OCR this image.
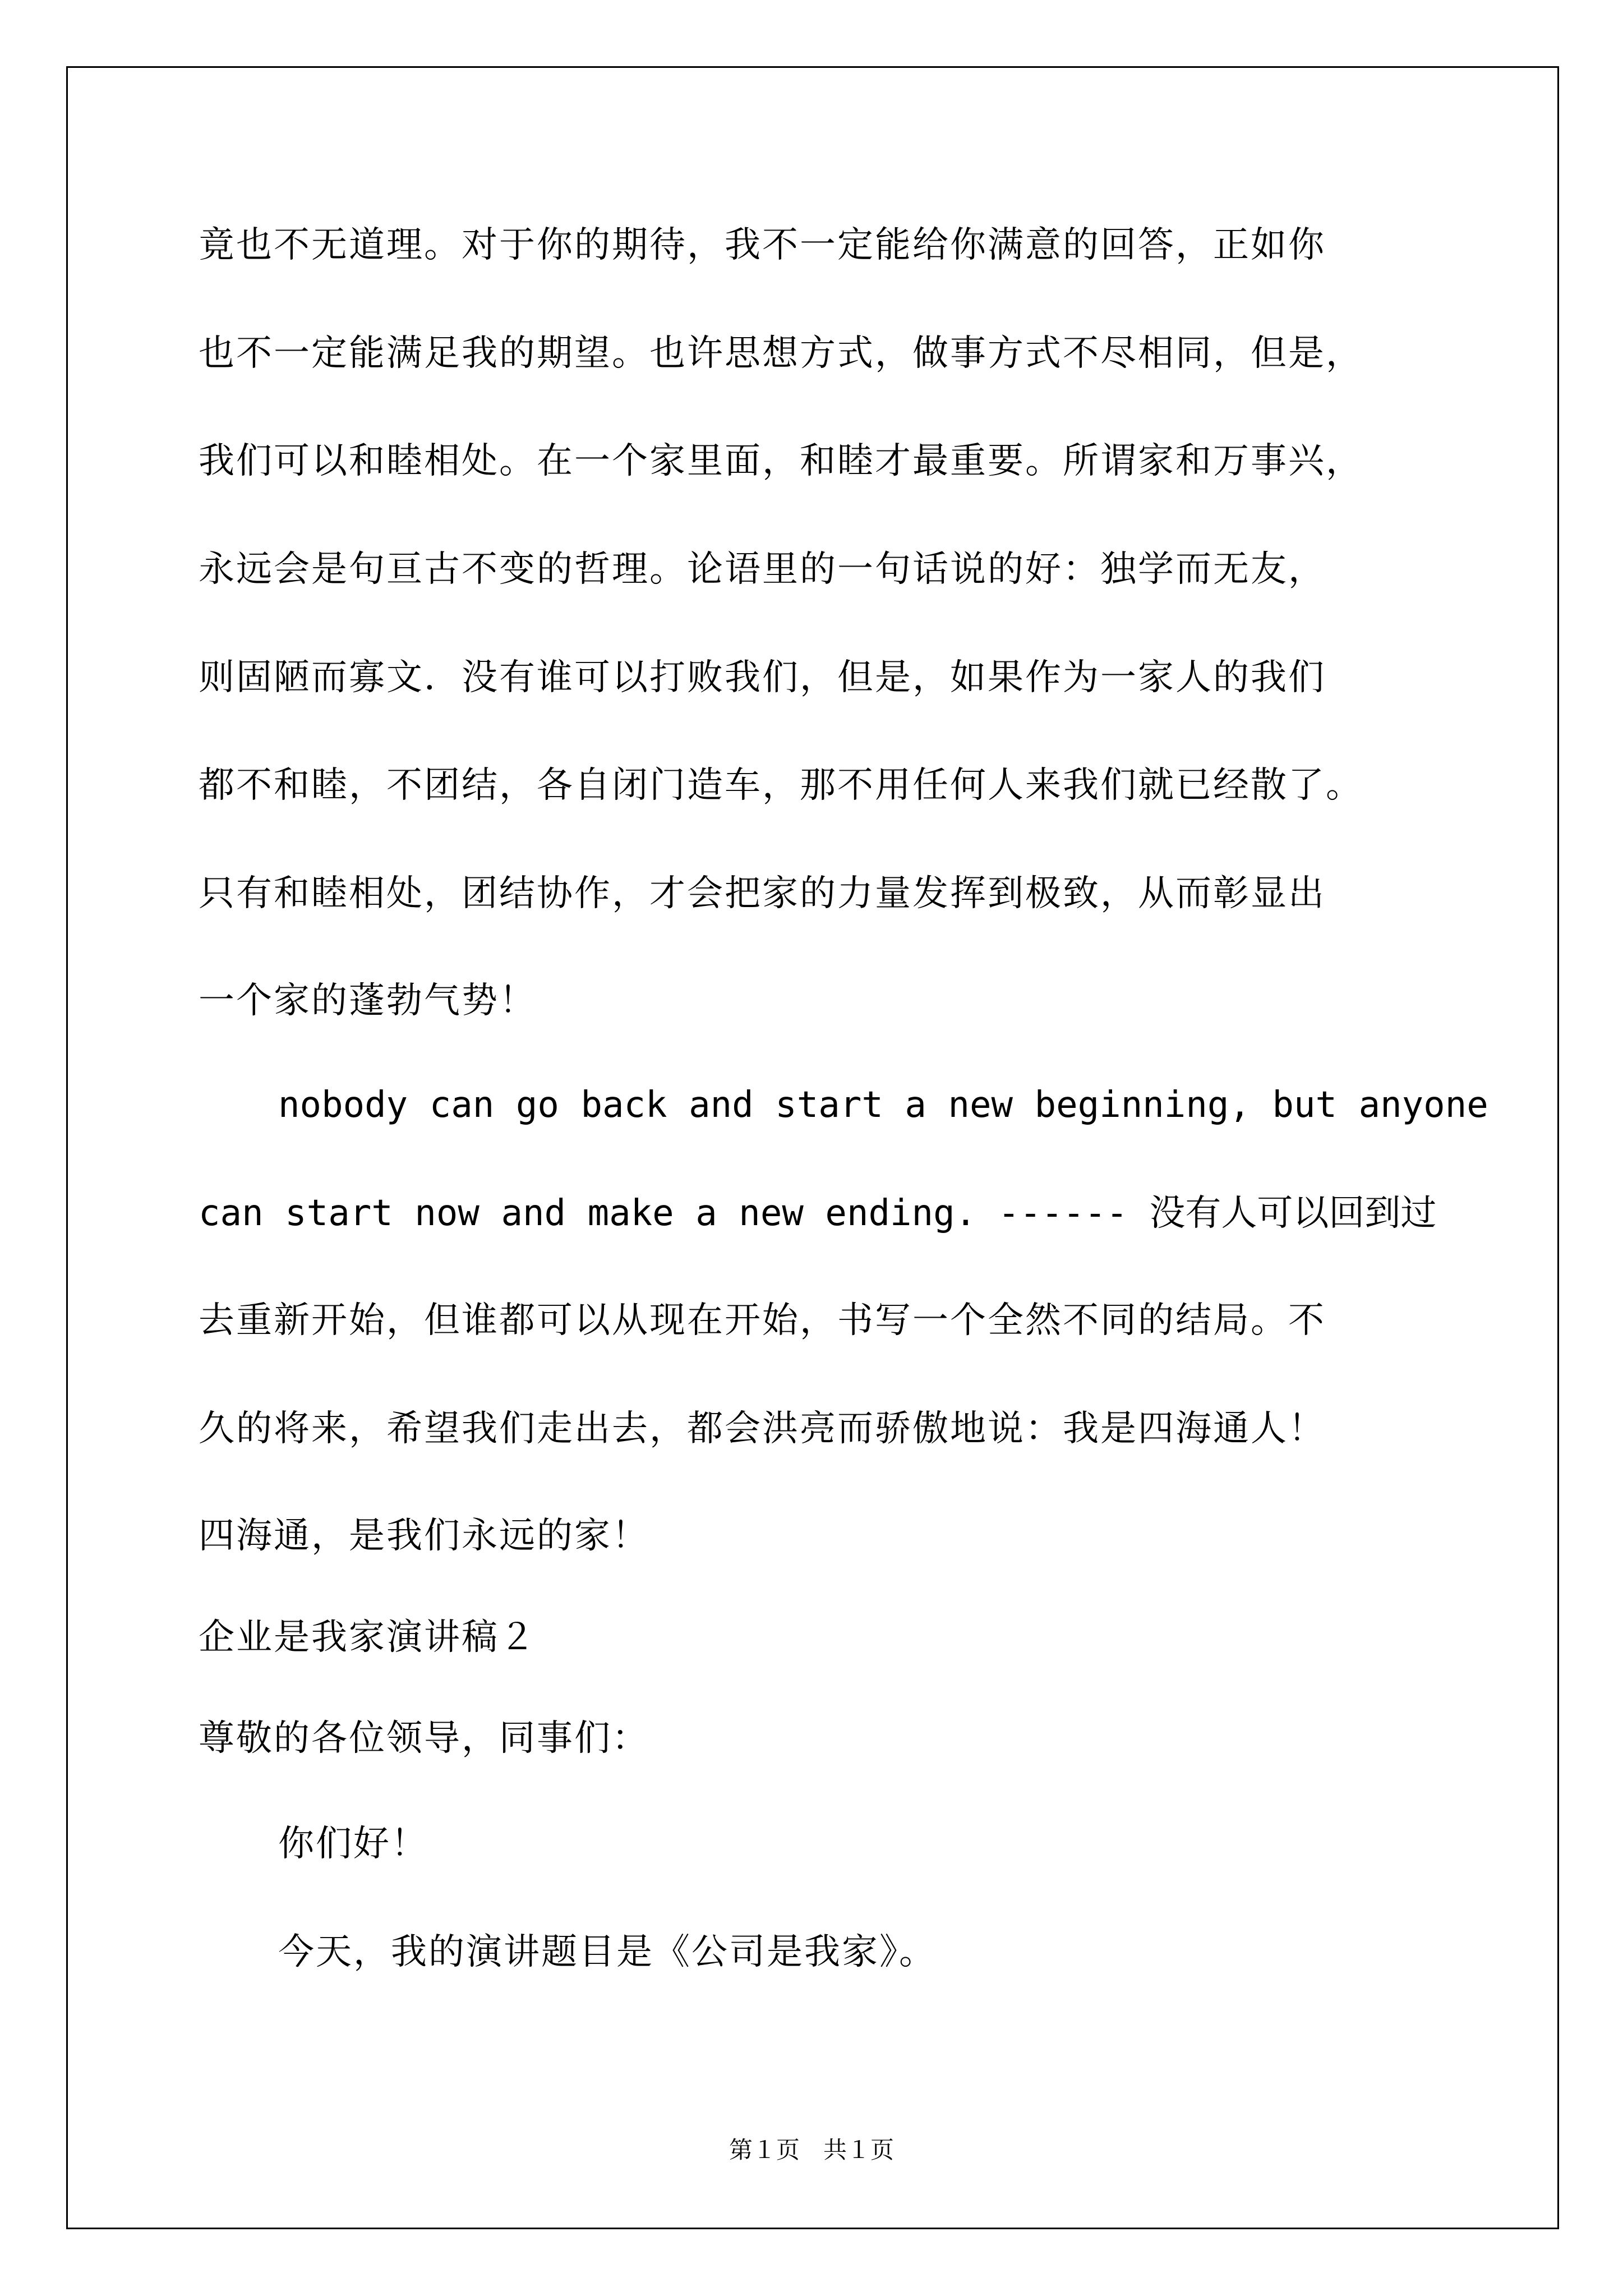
竟也不无道理。对于你的期待，我不一定能给你满意的回答，正如你
也不一定能满足我的期望。也许思想方式，做事方式不尽相同，但是，
我们可以和睦相处。在一个家里面，和睦才最重要。所谓家和万事兴，
永远会是句亘古不变的哲理。论语里的一句话说的好：独学而无友，
则固陋而寡文．没有谁可以打败我们，但是，如果作为一家人的我们
都不和睦，不团结，各自闭门造车，那不用任何人来我们就已经散了。
只有和睦相处，团结协作，才会把家的力量发挥到极致，从而彰显出
一个家的蓬勃气势！
nobody can go back and start a new beginning, but anyone
can start now and make a new ending. ------ 没有人可以回到过
去重新开始，但谁都可以从现在开始，书写一个全然不同的结局。不
久的将来，希望我们走出去，都会洪亮而骄傲地说：我是四海通人！
四海通，是我们永远的家！
企业是我家演讲稿２
尊敬的各位领导，同事们：
你们好！
今天，我的演讲题目是《公司是我家》。
第１页　共１页
